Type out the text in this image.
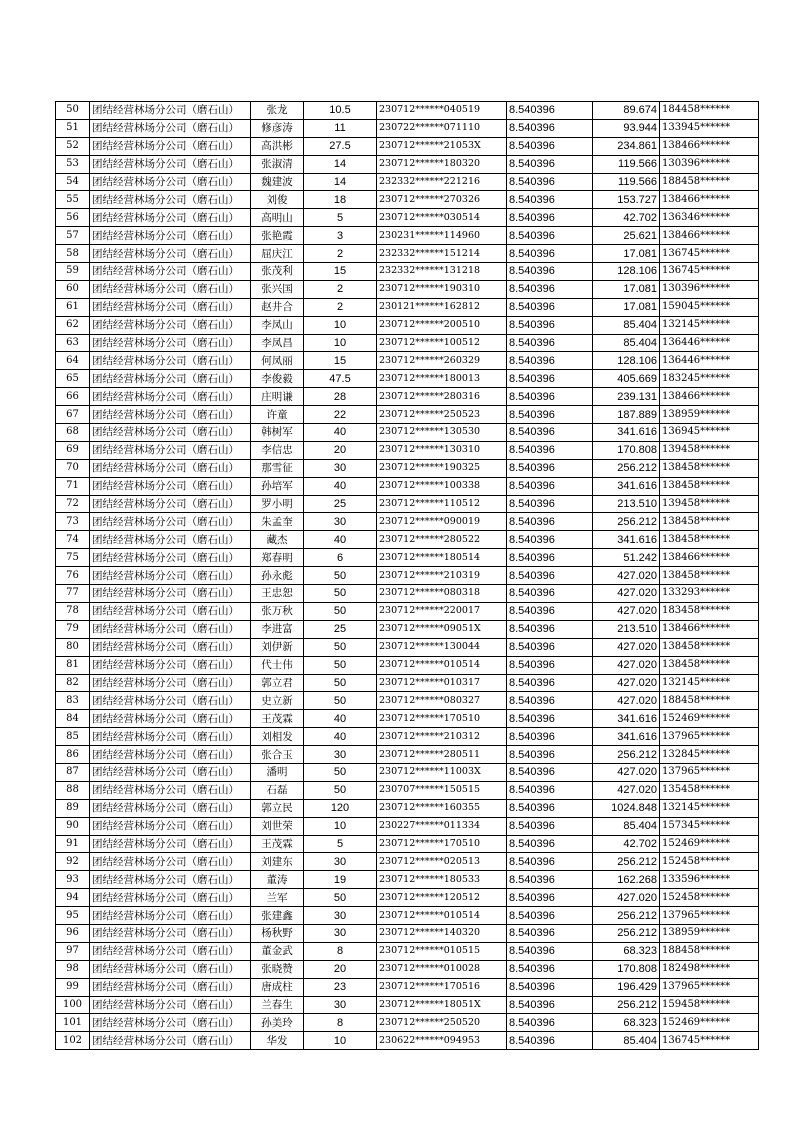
50	团结经营林场分公司（磨石山）	张龙	10.5	230712******040519	8.540396	89.674	184458******
51	团结经营林场分公司（磨石山）	修彦涛	11	230722******071110	8.540396	93.944	133945******
52	团结经营林场分公司（磨石山）	高洪彬	27.5	230712******21053X	8.540396	234.861	138466******
53	团结经营林场分公司（磨石山）	张淑清	14	230712******180320	8.540396	119.566	130396******
54	团结经营林场分公司（磨石山）	魏建波	14	232332******221216	8.540396	119.566	188458******
55	团结经营林场分公司（磨石山）	刘俊	18	230712******270326	8.540396	153.727	138466******
56	团结经营林场分公司（磨石山）	高明山	5	230712******030514	8.540396	42.702	136346******
57	团结经营林场分公司（磨石山）	张艳霞	3	230231******114960	8.540396	25.621	138466******
58	团结经营林场分公司（磨石山）	屈庆江	2	232332******151214	8.540396	17.081	136745******
59	团结经营林场分公司（磨石山）	张茂利	15	232332******131218	8.540396	128.106	136745******
60	团结经营林场分公司（磨石山）	张兴国	2	230712******190310	8.540396	17.081	130396******
61	团结经营林场分公司（磨石山）	赵井合	2	230121******162812	8.540396	17.081	159045******
62	团结经营林场分公司（磨石山）	李凤山	10	230712******200510	8.540396	85.404	132145******
63	团结经营林场分公司（磨石山）	李凤昌	10	230712******100512	8.540396	85.404	136446******
64	团结经营林场分公司（磨石山）	何凤丽	15	230712******260329	8.540396	128.106	136446******
65	团结经营林场分公司（磨石山）	李俊毅	47.5	230712******180013	8.540396	405.669	183245******
66	团结经营林场分公司（磨石山）	庄明谦	28	230712******280316	8.540396	239.131	138466******
67	团结经营林场分公司（磨石山）	许童	22	230712******250523	8.540396	187.889	138959******
68	团结经营林场分公司（磨石山）	韩树军	40	230712******130530	8.540396	341.616	136945******
69	团结经营林场分公司（磨石山）	李信忠	20	230712******130310	8.540396	170.808	139458******
70	团结经营林场分公司（磨石山）	那雪征	30	230712******190325	8.540396	256.212	138458******
71	团结经营林场分公司（磨石山）	孙培军	40	230712******100338	8.540396	341.616	138458******
72	团结经营林场分公司（磨石山）	罗小明	25	230712******110512	8.540396	213.510	139458******
73	团结经营林场分公司（磨石山）	朱孟奎	30	230712******090019	8.540396	256.212	138458******
74	团结经营林场分公司（磨石山）	藏杰	40	230712******280522	8.540396	341.616	138458******
75	团结经营林场分公司（磨石山）	郑春明	6	230712******180514	8.540396	51.242	138466******
76	团结经营林场分公司（磨石山）	孙永彪	50	230712******210319	8.540396	427.020	138458******
77	团结经营林场分公司（磨石山）	王忠恕	50	230712******080318	8.540396	427.020	133293******
78	团结经营林场分公司（磨石山）	张万秋	50	230712******220017	8.540396	427.020	183458******
79	团结经营林场分公司（磨石山）	李进富	25	230712******09051X	8.540396	213.510	138466******
80	团结经营林场分公司（磨石山）	刘伊新	50	230712******130044	8.540396	427.020	138458******
81	团结经营林场分公司（磨石山）	代士伟	50	230712******010514	8.540396	427.020	138458******
82	团结经营林场分公司（磨石山）	郭立君	50	230712******010317	8.540396	427.020	132145******
83	团结经营林场分公司（磨石山）	史立新	50	230712******080327	8.540396	427.020	188458******
84	团结经营林场分公司（磨石山）	王茂霖	40	230712******170510	8.540396	341.616	152469******
85	团结经营林场分公司（磨石山）	刘相发	40	230712******210312	8.540396	341.616	137965******
86	团结经营林场分公司（磨石山）	张合玉	30	230712******280511	8.540396	256.212	132845******
87	团结经营林场分公司（磨石山）	潘明	50	230712******11003X	8.540396	427.020	137965******
88	团结经营林场分公司（磨石山）	石磊	50	230707******150515	8.540396	427.020	135458******
89	团结经营林场分公司（磨石山）	郭立民	120	230712******160355	8.540396	1024.848	132145******
90	团结经营林场分公司（磨石山）	刘世荣	10	230227******011334	8.540396	85.404	157345******
91	团结经营林场分公司（磨石山）	王茂霖	5	230712******170510	8.540396	42.702	152469******
92	团结经营林场分公司（磨石山）	刘建东	30	230712******020513	8.540396	256.212	152458******
93	团结经营林场分公司（磨石山）	董涛	19	230712******180533	8.540396	162.268	133596******
94	团结经营林场分公司（磨石山）	兰军	50	230712******120512	8.540396	427.020	152458******
95	团结经营林场分公司（磨石山）	张建鑫	30	230712******010514	8.540396	256.212	137965******
96	团结经营林场分公司（磨石山）	杨秋野	30	230712******140320	8.540396	256.212	138959******
97	团结经营林场分公司（磨石山）	董金武	8	230712******010515	8.540396	68.323	188458******
98	团结经营林场分公司（磨石山）	张晓赞	20	230712******010028	8.540396	170.808	182498******
99	团结经营林场分公司（磨石山）	唐成柱	23	230712******170516	8.540396	196.429	137965******
100	团结经营林场分公司（磨石山）	兰春生	30	230712******18051X	8.540396	256.212	159458******
101	团结经营林场分公司（磨石山）	孙美玲	8	230712******250520	8.540396	68.323	152469******
102	团结经营林场分公司（磨石山）	华发	10	230622******094953	8.540396	85.404	136745******
